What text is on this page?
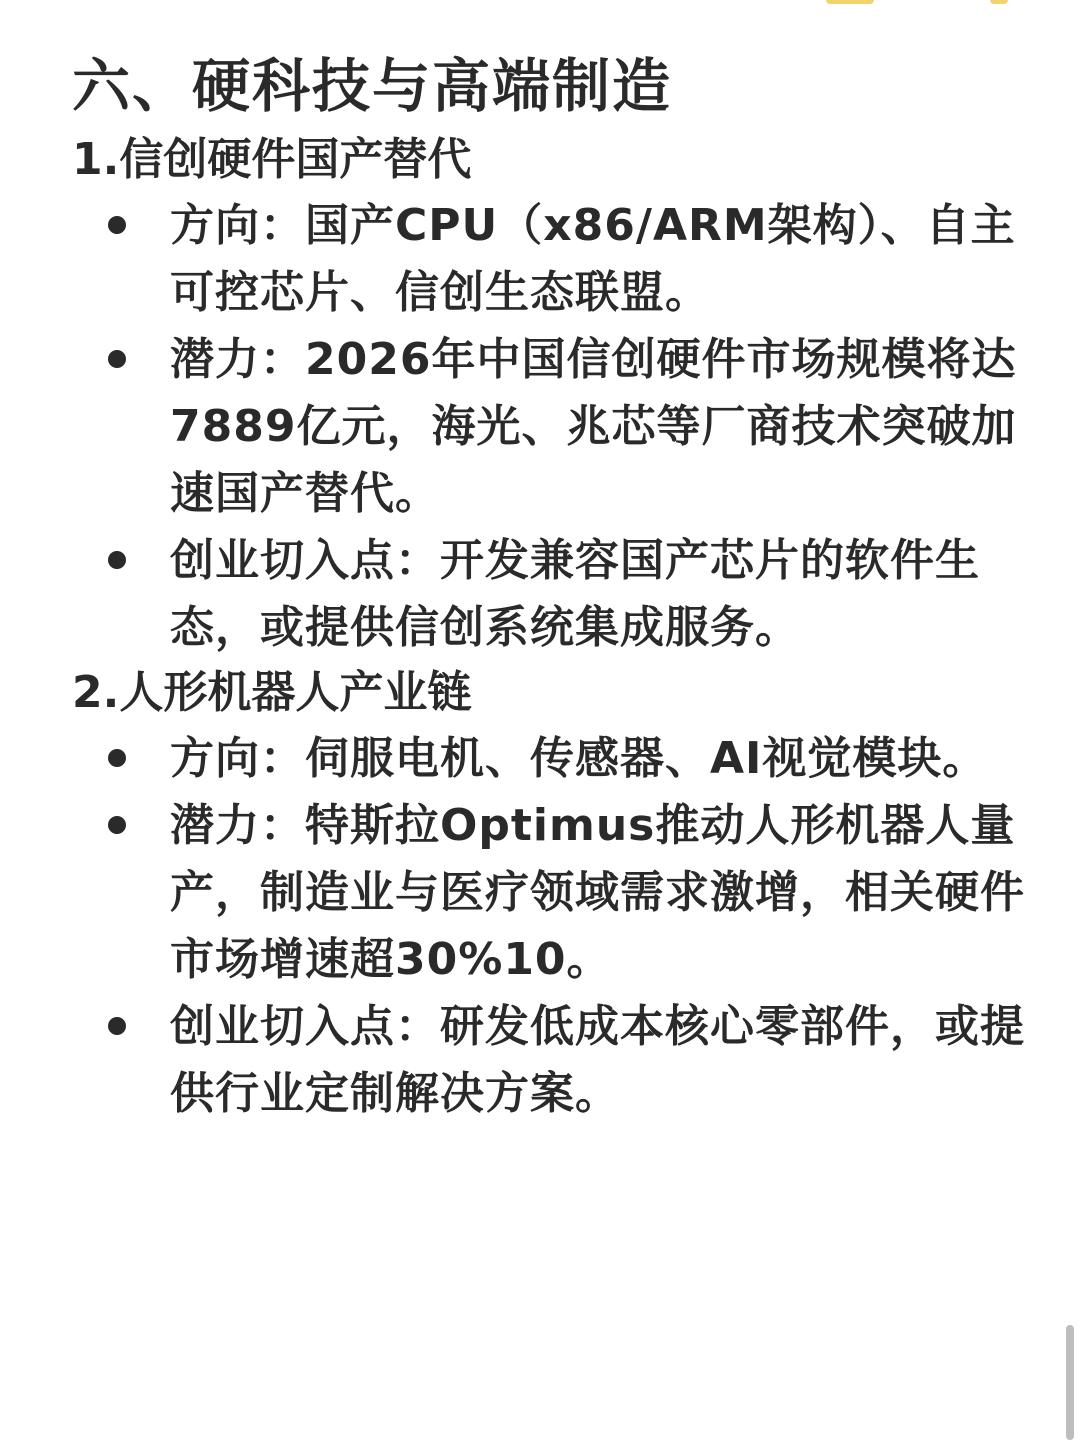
六、硬科技与高端制造
1.信创硬件国产替代
方向：国产CPU（x86/ARM架构）、自主可控芯片、信创生态联盟。
潜力：2026年中国信创硬件市场规模将达7889亿元，海光、兆芯等厂商技术突破加速国产替代。
创业切入点：开发兼容国产芯片的软件生态，或提供信创系统集成服务。
2.人形机器人产业链
方向：伺服电机、传感器、AI视觉模块。
潜力：特斯拉Optimus推动人形机器人量产，制造业与医疗领域需求激增，相关硬件市场增速超30%10。
创业切入点：研发低成本核心零部件，或提供行业定制解决方案。
